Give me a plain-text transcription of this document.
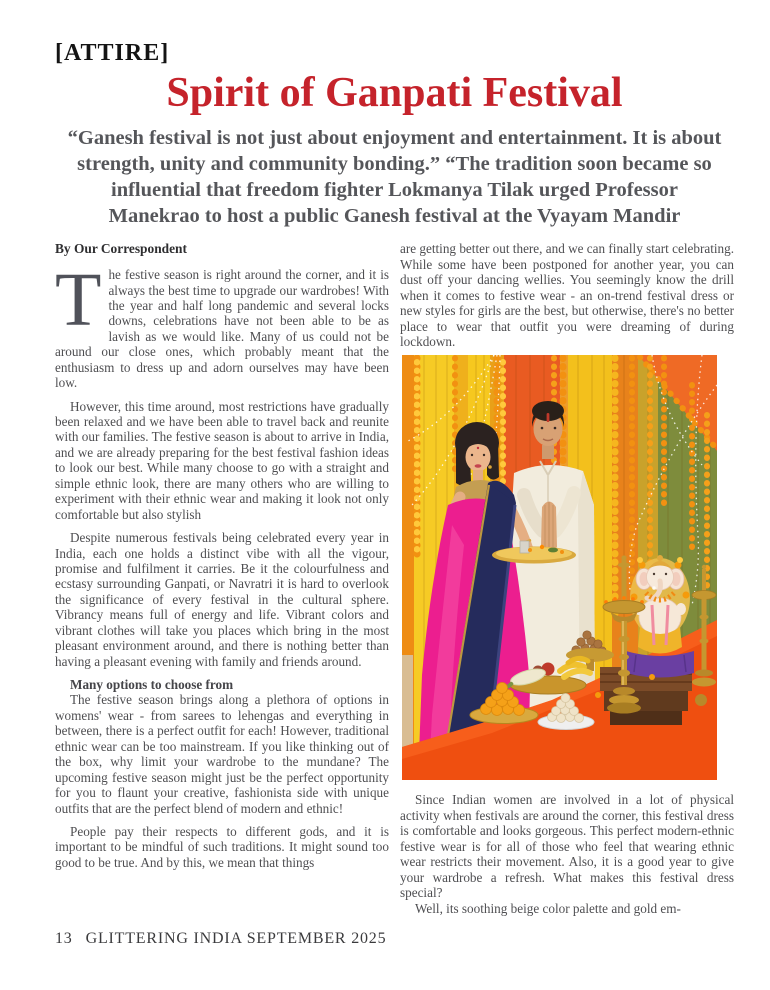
[ATTIRE]
Spirit of Ganpati Festival
“Ganesh festival is not just about enjoyment and entertainment. It is about strength, unity and community bonding.” “The tradition soon became so influential that freedom fighter Lokmanya Tilak urged Professor Manekrao to host a public Ganesh festival at the Vyayam Mandir
By Our Correspondent

The festive season is right around the corner, and it is always the best time to upgrade our wardrobes! With the year and half long pandemic and several locks downs, celebrations have not been able to be as lavish as we would like. Many of us could not be around our close ones, which probably meant that the enthusiasm to dress up and adorn ourselves may have been low.

However, this time around, most restrictions have gradually been relaxed and we have been able to travel back and reunite with our families. The festive season is about to arrive in India, and we are already preparing for the best festival fashion ideas to look our best. While many choose to go with a straight and simple ethnic look, there are many others who are willing to experiment with their ethnic wear and making it look not only comfortable but also stylish

Despite numerous festivals being celebrated every year in India, each one holds a distinct vibe with all the vigour, promise and fulfilment it carries. Be it the colourfulness and ecstasy surrounding Ganpati, or Navratri it is hard to overlook the significance of every festival in the cultural sphere. Vibrancy means full of energy and life. Vibrant colors and vibrant clothes will take you places which bring in the most pleasant environment around, and there is nothing better than having a pleasant evening with family and friends around.

Many options to choose from

The festive season brings along a plethora of options in womens' wear - from sarees to lehengas and everything in between, there is a perfect outfit for each! However, traditional ethnic wear can be too mainstream. If you like thinking out of the box, why limit your wardrobe to the mundane? The upcoming festive season might just be the perfect opportunity for you to flaunt your creative, fashionista side with unique outfits that are the perfect blend of modern and ethnic!

People pay their respects to different gods, and it is important to be mindful of such traditions. It might sound too good to be true. And by this, we mean that things

are getting better out there, and we can finally start celebrating. While some have been postponed for another year, you can dust off your dancing wellies. You seemingly know the drill when it comes to festive wear - an on-trend festival dress or new styles for girls are the best, but otherwise, there's no better place to wear that outfit you were dreaming of during lockdown.

Since Indian women are involved in a lot of physical activity when festivals are around the corner, this festival dress is comfortable and looks gorgeous. This perfect modern-ethnic festive wear is for all of those who feel that wearing ethnic wear restricts their movement. Also, it is a good year to give your wardrobe a refresh. What makes this festival dress special?

Well, its soothing beige color palette and gold em-

13 GLITTERING INDIA SEPTEMBER 2025
